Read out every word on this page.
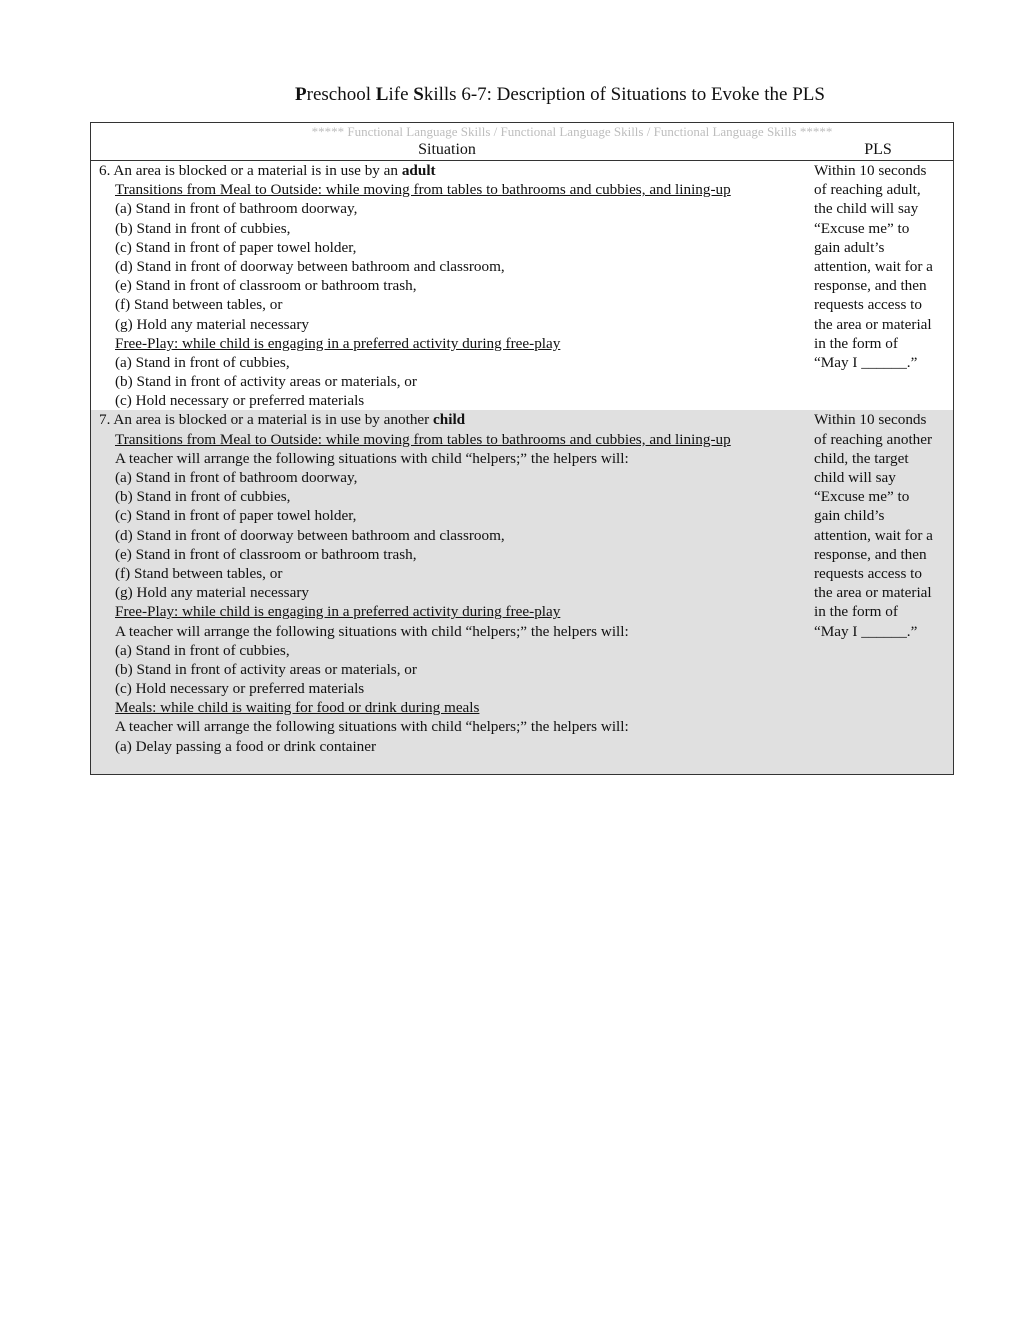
Preschool Life Skills 6-7: Description of Situations to Evoke the PLS
***** Functional Language Skills / Functional Language Skills / Functional Language Skills *****
Situation	PLS
6. An area is blocked or a material is in use by an adult
Transitions from Meal to Outside: while moving from tables to bathrooms and cubbies, and lining-up
(a) Stand in front of bathroom doorway,
(b) Stand in front of cubbies,
(c) Stand in front of paper towel holder,
(d) Stand in front of doorway between bathroom and classroom,
(e) Stand in front of classroom or bathroom trash,
(f) Stand between tables, or
(g) Hold any material necessary
Free-Play: while child is engaging in a preferred activity during free-play
(a) Stand in front of cubbies,
(b) Stand in front of activity areas or materials, or
(c) Hold necessary or preferred materials
Within 10 seconds
of reaching adult,
the child will say
“Excuse me” to
gain adult’s
attention, wait for a
response, and then
requests access to
the area or material
in the form of
“May I ______.”
7. An area is blocked or a material is in use by another child
Transitions from Meal to Outside: while moving from tables to bathrooms and cubbies, and lining-up
A teacher will arrange the following situations with child “helpers;” the helpers will:
(a) Stand in front of bathroom doorway,
(b) Stand in front of cubbies,
(c) Stand in front of paper towel holder,
(d) Stand in front of doorway between bathroom and classroom,
(e) Stand in front of classroom or bathroom trash,
(f) Stand between tables, or
(g) Hold any material necessary
Free-Play: while child is engaging in a preferred activity during free-play
A teacher will arrange the following situations with child “helpers;” the helpers will:
(a) Stand in front of cubbies,
(b) Stand in front of activity areas or materials, or
(c) Hold necessary or preferred materials
Meals: while child is waiting for food or drink during meals
A teacher will arrange the following situations with child “helpers;” the helpers will:
(a) Delay passing a food or drink container
Within 10 seconds
of reaching another
child, the target
child will say
“Excuse me” to
gain child’s
attention, wait for a
response, and then
requests access to
the area or material
in the form of
“May I ______.”
